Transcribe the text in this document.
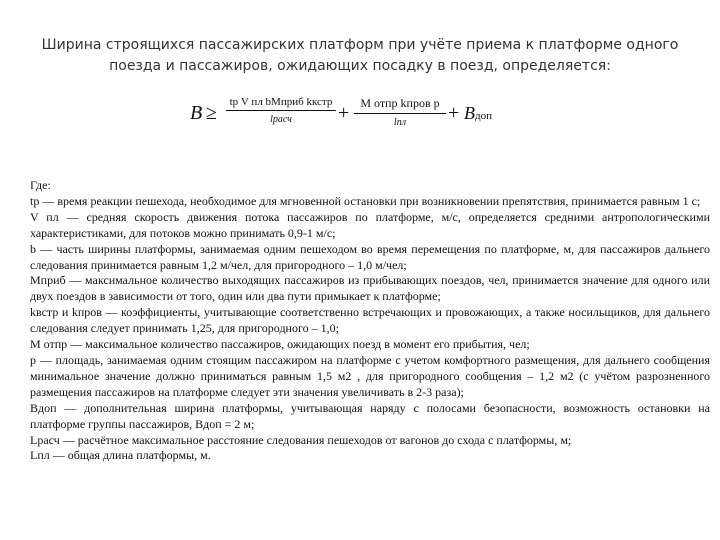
Ширина строящихся пассажирских платформ при учёте приема к платформе одного поезда и пассажиров, ожидающих посадку в поезд, определяется:
B ≥	tр V пл bMприб kкстр
lрасч	+ M отпр kпров p
lпл	+ Bдоп

Где:

tр — время реакции пешехода, необходимое для мгновенной остановки при возникновении препятствия, принимается равным 1 с;

V пл — средняя скорость движения потока пассажиров по платформе, м/с, определяется средними антропологическими характеристиками, для потоков можно принимать 0,9-1 м/с;

b — часть ширины платформы, занимаемая одним пешеходом во время перемещения по платформе, м, для пассажиров дальнего следования принимается равным 1,2 м/чел, для пригородного – 1,0 м/чел;

Mприб — максимальное количество выходящих пассажиров из прибывающих поездов, чел, принимается значение для одного или двух поездов в зависимости от того, один или два пути примыкает к платформе;

kвстр и kпров — коэффициенты, учитывающие соответственно встречающих и провожающих, а также носильщиков, для дальнего следования следует принимать 1,25, для пригородного – 1,0;

M отпр — максимальное количество пассажиров, ожидающих поезд в момент его прибытия, чел;

p — площадь, занимаемая одним стоящим пассажиром на платформе с учетом комфортного размещения, для дальнего сообщения минимальное значение должно приниматься равным 1,5 м2 , для пригородного сообщения – 1,2 м2 (с учётом разрозненного размещения пассажиров на платформе следует эти значения увеличивать в 2-3 раза);

Bдоп — дополнительная ширина платформы, учитывающая наряду с полосами безопасности, возможность остановки на платформе группы пассажиров, Bдоп = 2 м;

Lрасч — расчётное максимальное расстояние следования пешеходов от вагонов до схода с платформы, м;

Lпл — общая длина платформы, м.
